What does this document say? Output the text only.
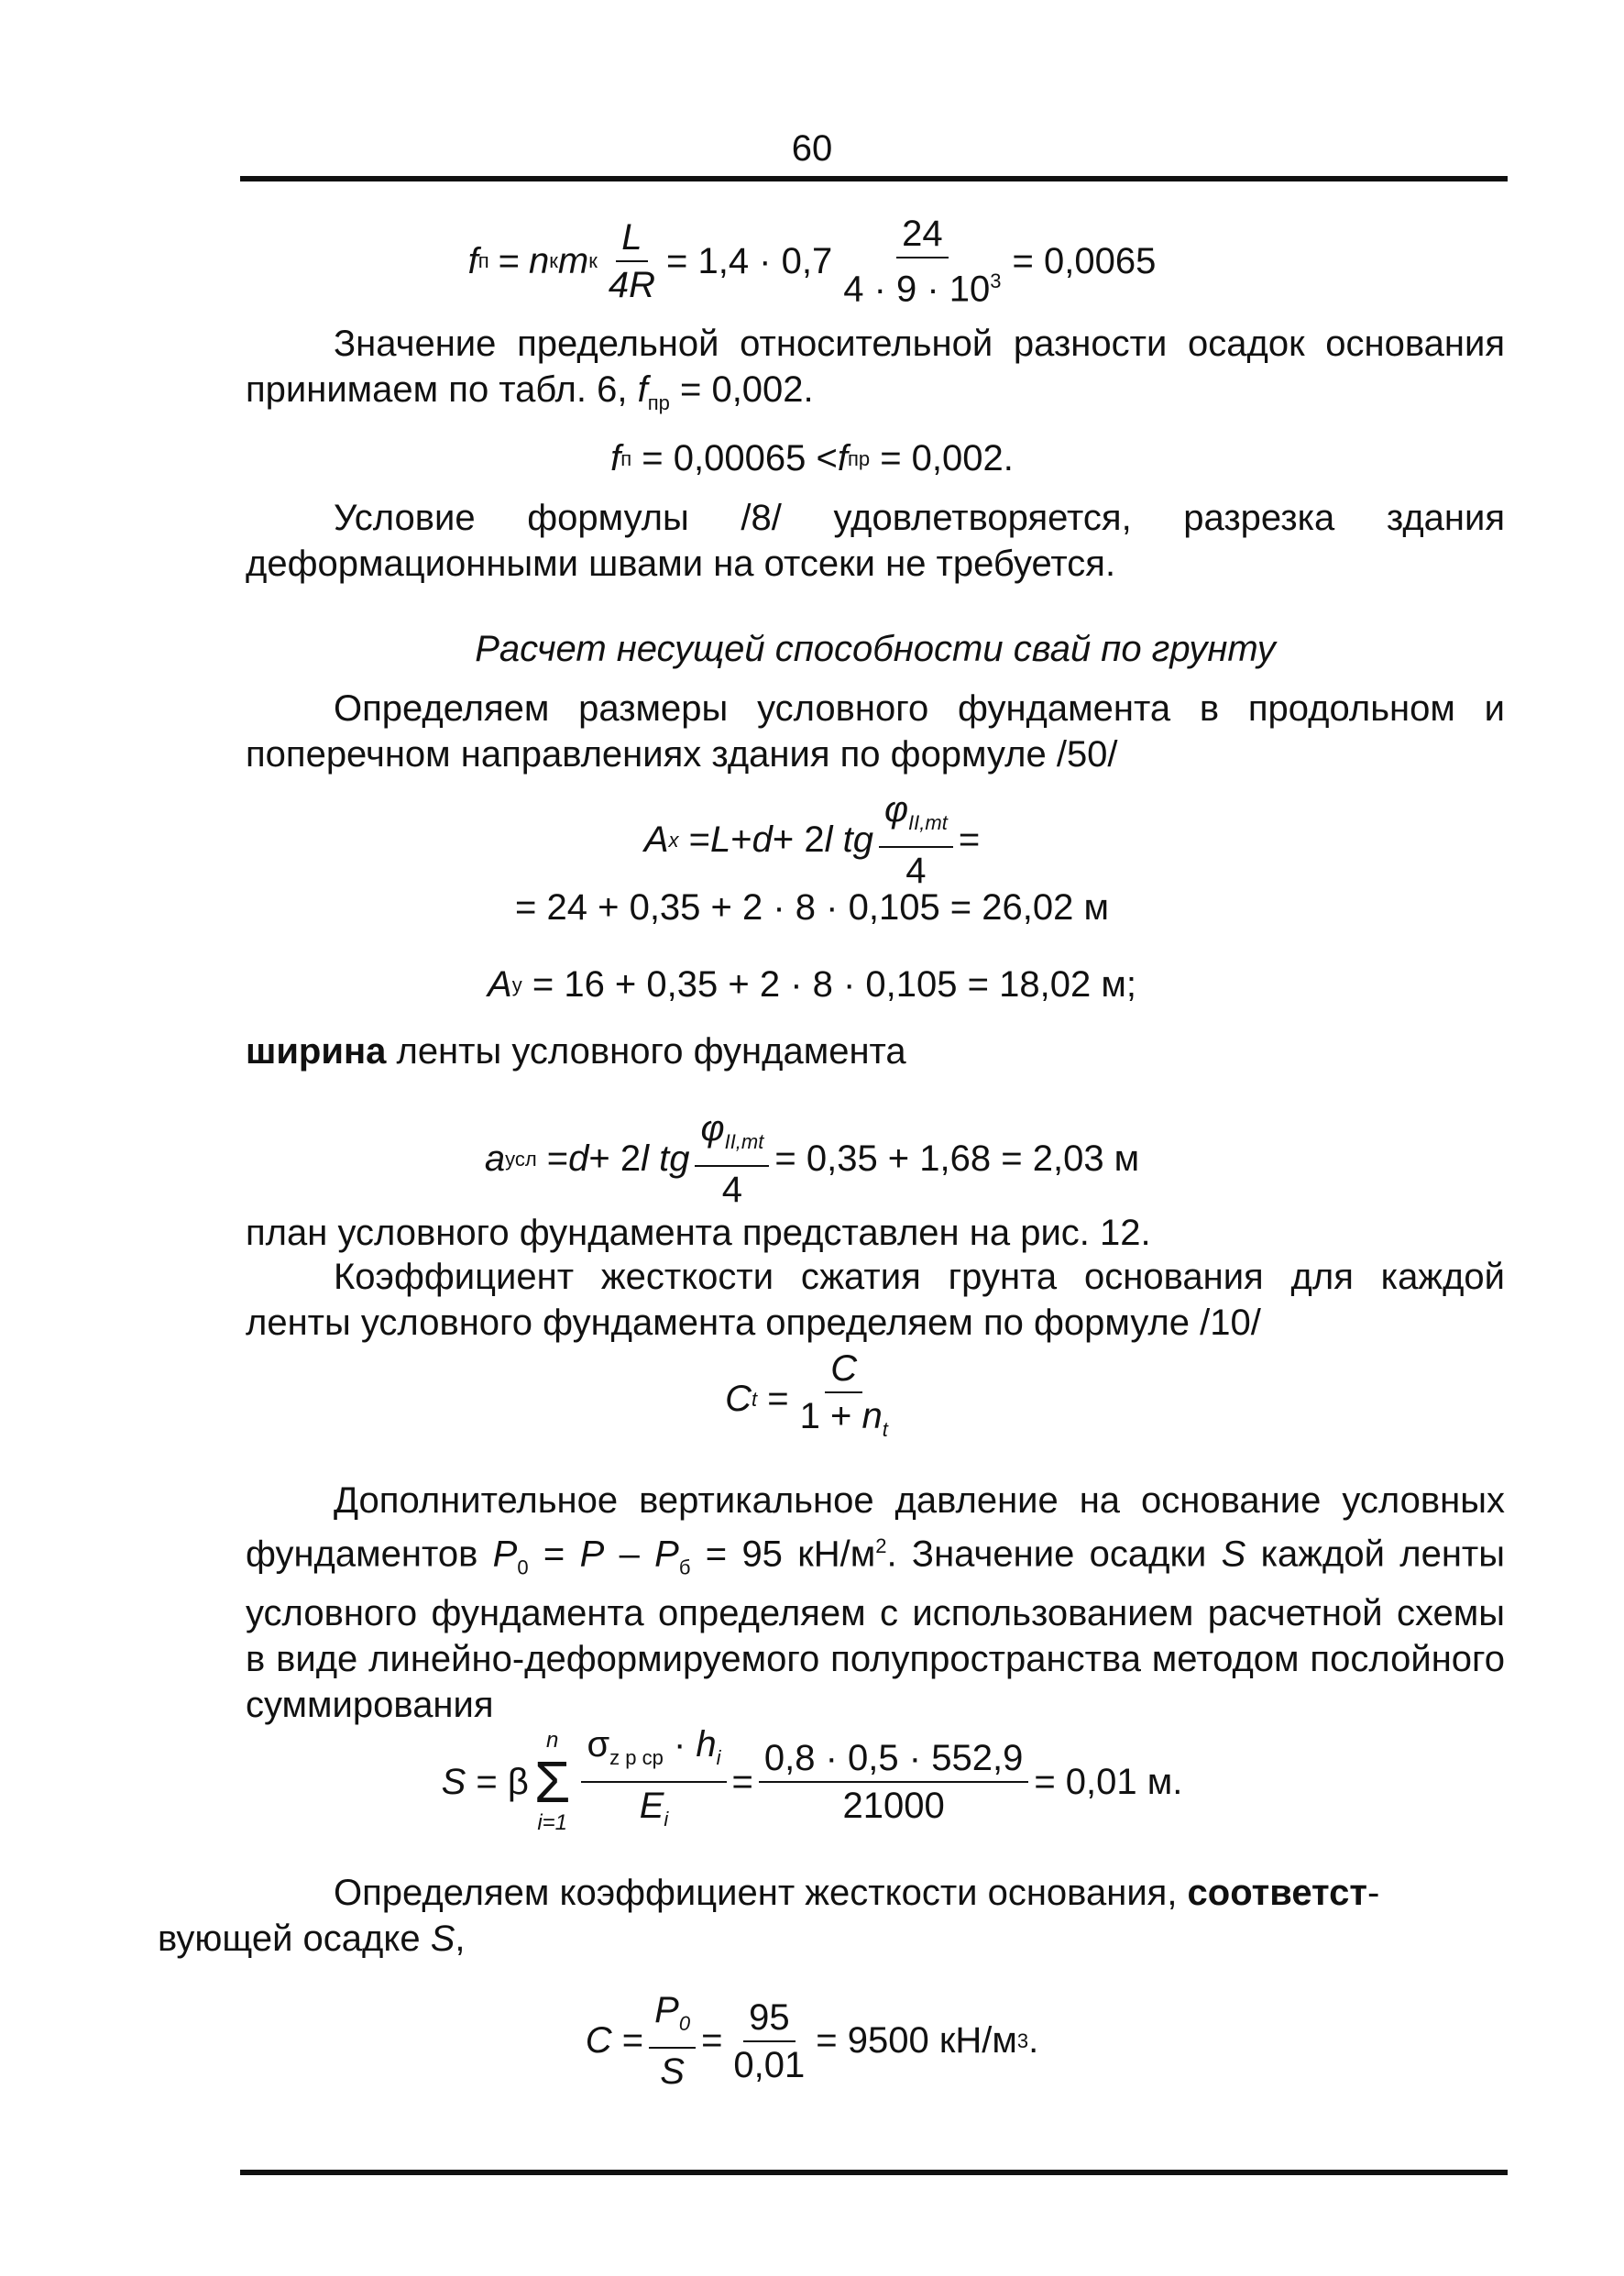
60
f п = n к m к $\frac{L}{4R} = 1,4 \cdot 0,7 \frac{24}{4 \cdot 9 \cdot 10^3} = 0,0065$

Значение предельной относительной разности осадок основания принимаем по табл. 6, $f_{пр} = 0,002$.

f п = 0,00065 < f пр = 0,002.

Условие формулы /8/ удовлетворяется, разрезка здания деформационными швами на отсеки не требуется.

Расчет несущей способности свай по грунту

Определяем размеры условного фундамента в продольном и поперечном направлениях здания по формуле /50/

A x = L + d + 2 l tg $\frac{\varphi_{II,mt}}{4}$ =
= 24 + 0,35 + 2 · 8 · 0,105 = 26,02 м
A у = 16 + 0,35 + 2 · 8 · 0,105 = 18,02 м;

ширина ленты условного фундамента

a усл = d + 2 l tg $\frac{\varphi_{II,mt}}{4} = 0,35 + 1,68 = 2,03$ м

план условного фундамента представлен на рис. 12.

Коэффициент жесткости сжатия грунта основания для каждой ленты условного фундамента определяем по формуле /10/

C $t = \frac{C}{1 + n_t}$

Дополнительное вертикальное давление на основание условных фундаментов $P_0 = P - P_б = 95$ $кН/м^2$. Значение осадки S каждой ленты условного фундамента определяем с использованием расчетной схемы в виде линейно-деформируемого полупространства методом послойного суммирования

S = β
n
Σ
$i=1 \frac{\sigma_{z p ср} \cdot h_i}{E_i} = \frac{0,8 \cdot 0,5 \cdot 552,9}{21000} = 0,01$ м.

Определяем коэффициент жесткости основания, соответст-
вующей осадке S,

$C = \frac{P_0}{S} = \frac{95}{0,01} = 9500$ кН/м 3 .
